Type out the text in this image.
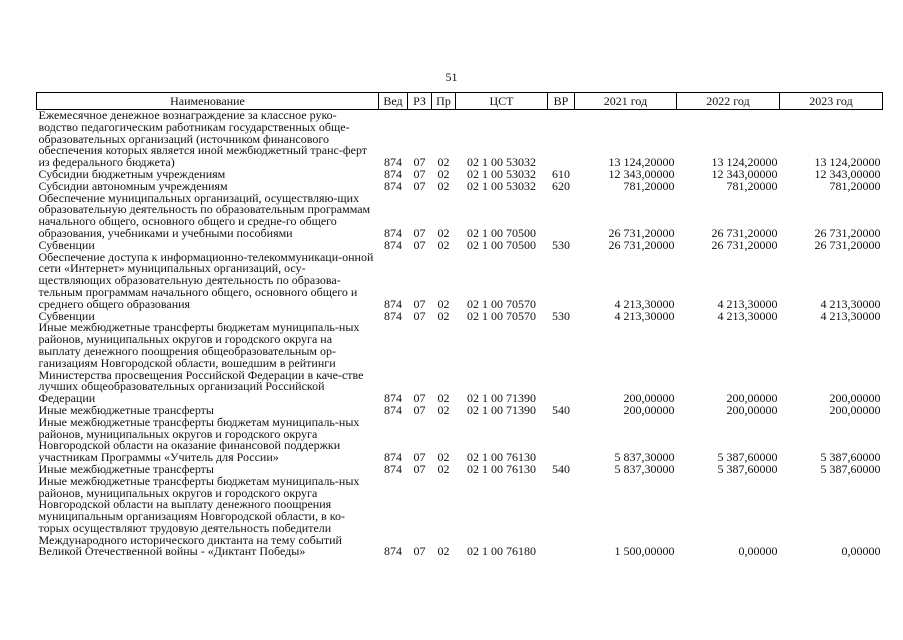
51
Наименование	Вед	РЗ	Пр	ЦСТ	ВР	2021 год	2022 год	2023 год
Ежемесячное денежное вознаграждение за классное руко-водство педагогическим работникам государственных обще-образовательных организаций (источником финансового обеспечения которых является иной межбюджетный транс-ферт из федерального бюджета)	874	07	02	02 1 00 53032		13 124,20000	13 124,20000	13 124,20000
Субсидии бюджетным учреждениям	874	07	02	02 1 00 53032	610	12 343,00000	12 343,00000	12 343,00000
Субсидии автономным учреждениям	874	07	02	02 1 00 53032	620	781,20000	781,20000	781,20000
Обеспечение муниципальных организаций, осуществляю-щих образовательную деятельность по образовательным программам начального общего, основного общего и средне-го общего образования, учебниками и учебными пособиями	874	07	02	02 1 00 70500		26 731,20000	26 731,20000	26 731,20000
Субвенции	874	07	02	02 1 00 70500	530	26 731,20000	26 731,20000	26 731,20000
Обеспечение доступа к информационно-телекоммуникаци-онной сети «Интернет» муниципальных организаций, осу-ществляющих образовательную деятельность по образова-тельным программам начального общего, основного общего и среднего общего образования	874	07	02	02 1 00 70570		4 213,30000	4 213,30000	4 213,30000
Субвенции	874	07	02	02 1 00 70570	530	4 213,30000	4 213,30000	4 213,30000
Иные межбюджетные трансферты бюджетам муниципаль-ных районов, муниципальных округов и городского округа на выплату денежного поощрения общеобразовательным ор-ганизациям Новгородской области, вошедшим в рейтинги Министерства просвещения Российской Федерации в каче-стве лучших общеобразовательных организаций Российской Федерации	874	07	02	02 1 00 71390		200,00000	200,00000	200,00000
Иные межбюджетные трансферты	874	07	02	02 1 00 71390	540	200,00000	200,00000	200,00000
Иные межбюджетные трансферты бюджетам муниципаль-ных районов, муниципальных округов и городского округа Новгородской области на оказание финансовой поддержки участникам Программы «Учитель для России»	874	07	02	02 1 00 76130		5 837,30000	5 387,60000	5 387,60000
Иные межбюджетные трансферты	874	07	02	02 1 00 76130	540	5 837,30000	5 387,60000	5 387,60000
Иные межбюджетные трансферты бюджетам муниципаль-ных районов, муниципальных округов и городского округа Новгородской области на выплату денежного поощрения муниципальным организациям Новгородской области, в ко-торых осуществляют трудовую деятельность победители Международного исторического диктанта на тему событий Великой Отечественной войны - «Диктант Победы»	874	07	02	02 1 00 76180		1 500,00000	0,00000	0,00000
